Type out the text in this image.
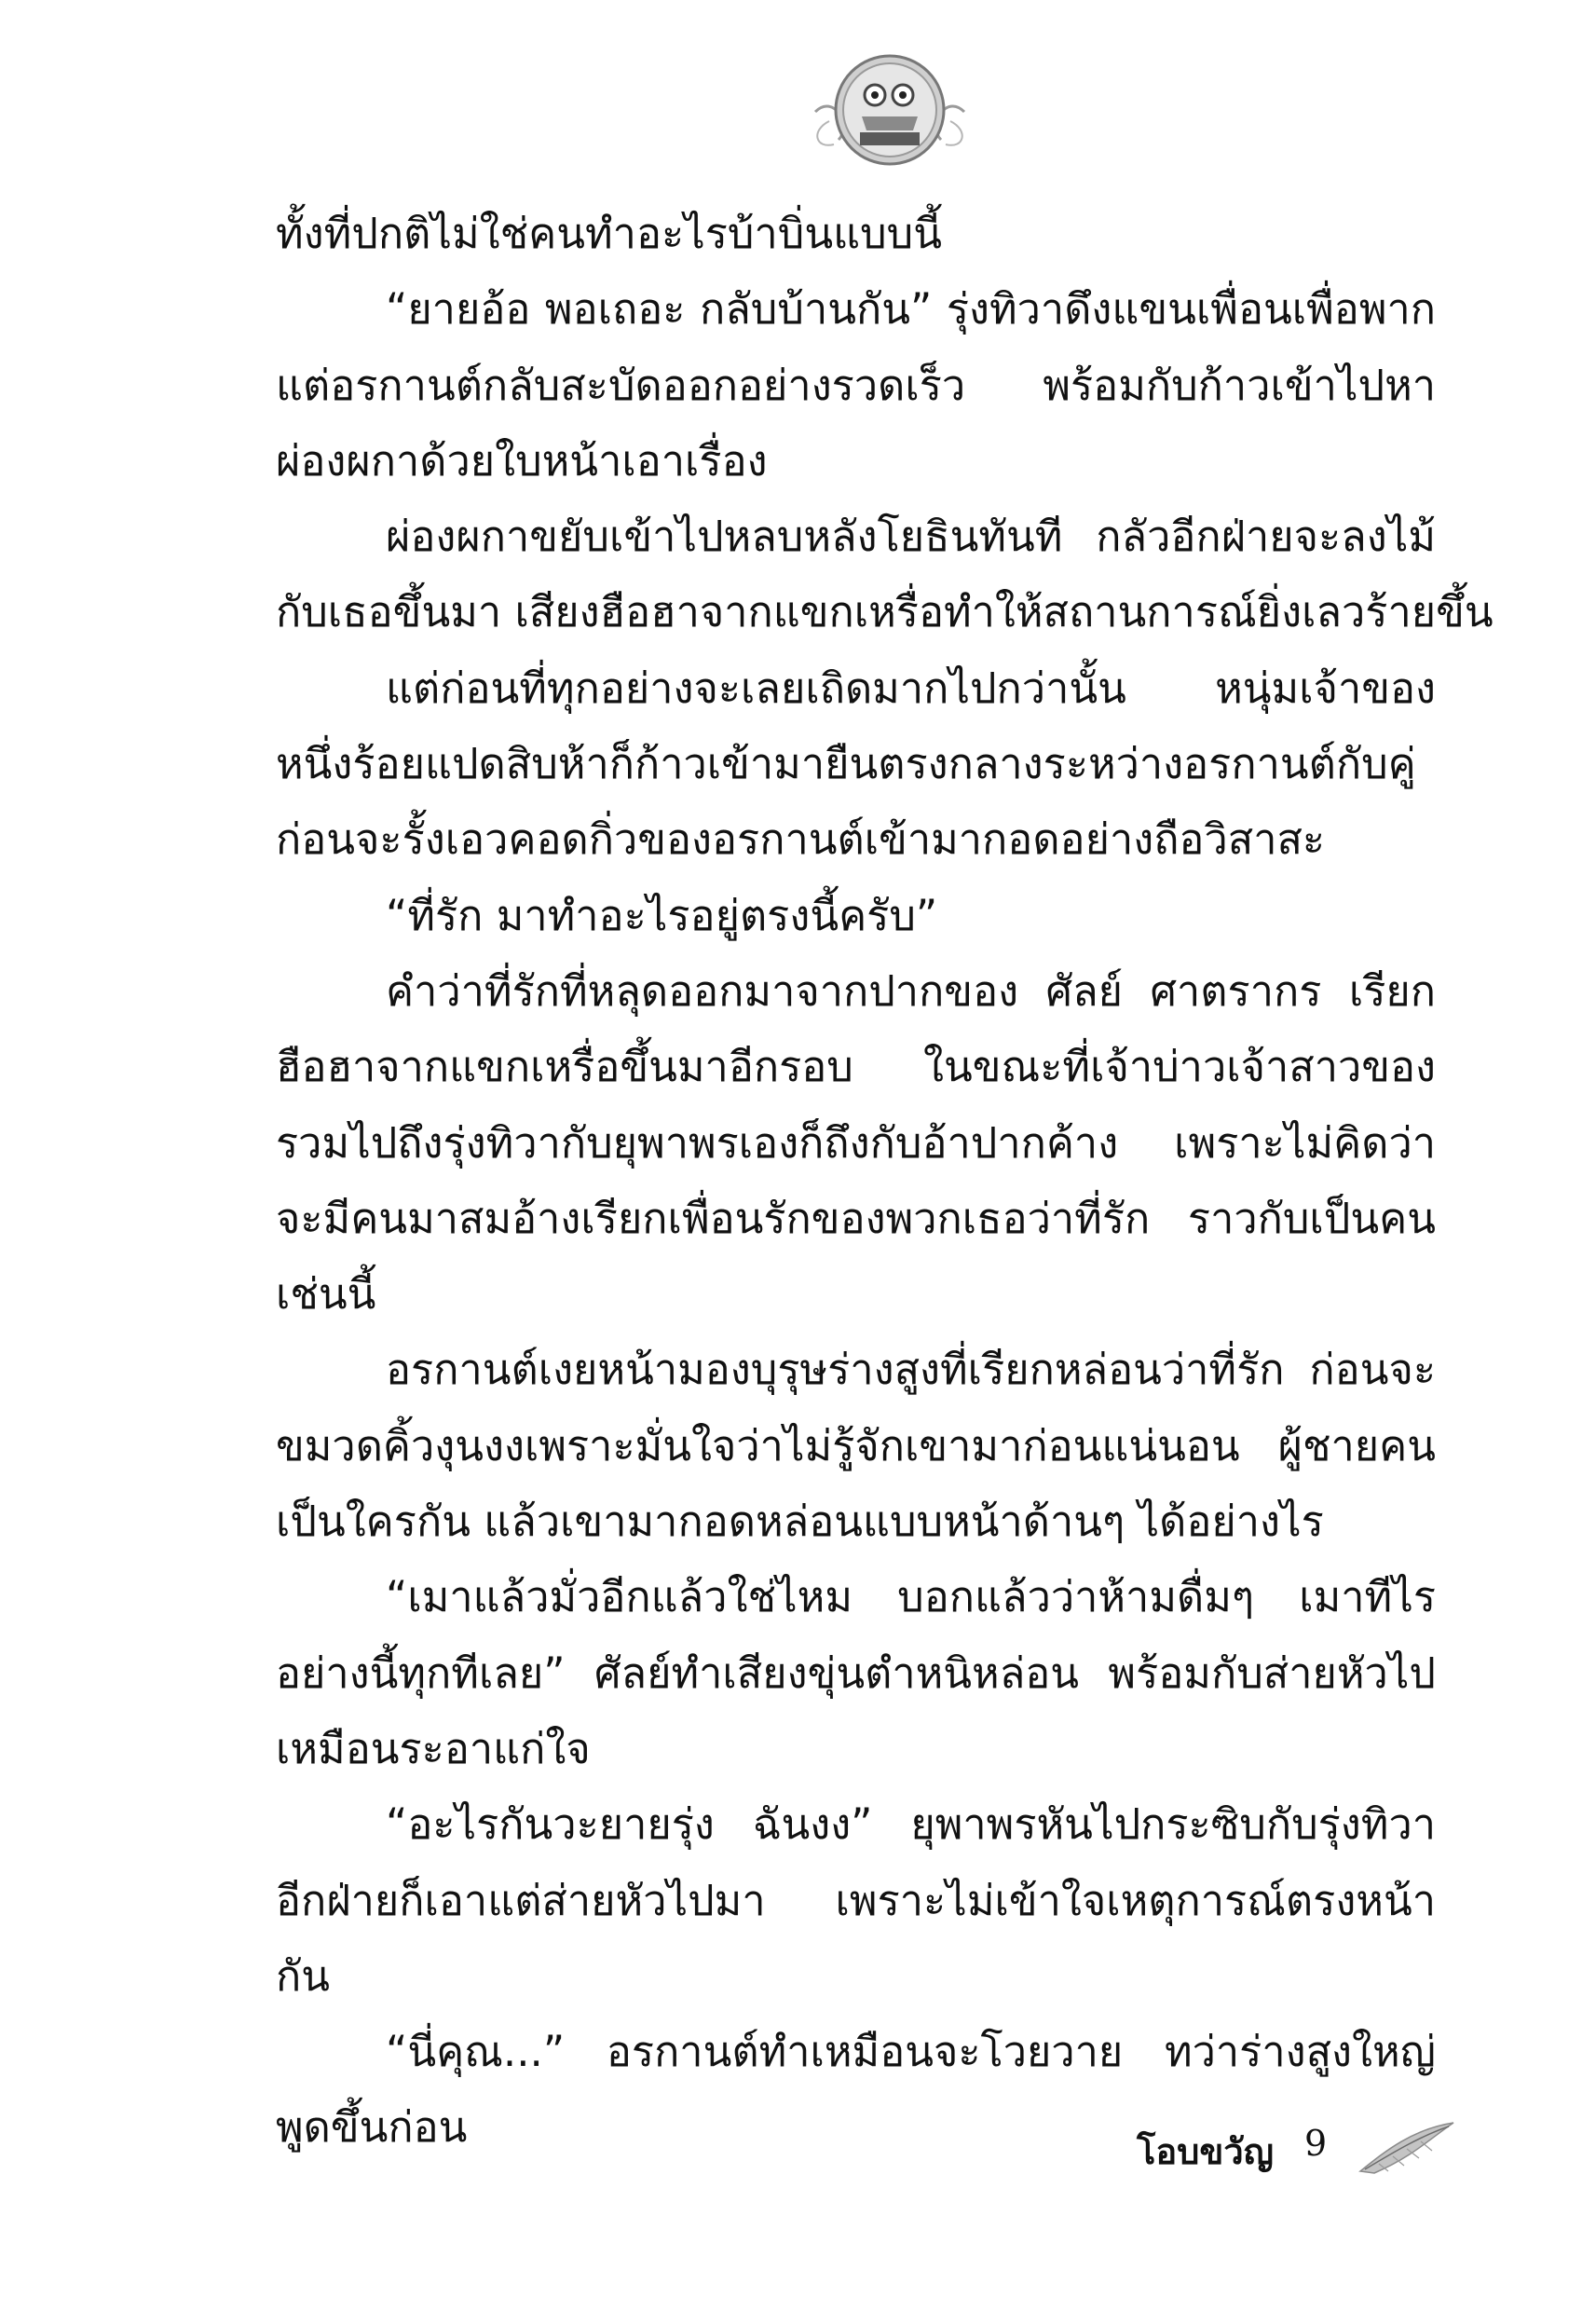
ทั้งที่ปกติไม่ใช่คนทำอะไรบ้าบิ่นแบบนี้
“ยายอ้อ พอเถอะ กลับบ้านกัน” รุ่งทิวาดึงแขนเพื่อนเพื่อพาก
แต่อรกานต์กลับสะบัดออกอย่างรวดเร็ว พร้อมกับก้าวเข้าไปหา
ผ่องผกาด้วยใบหน้าเอาเรื่อง
ผ่องผกาขยับเข้าไปหลบหลังโยธินทันที กลัวอีกฝ่ายจะลงไม้
กับเธอขึ้นมา เสียงฮือฮาจากแขกเหรื่อทำให้สถานการณ์ยิ่งเลวร้ายขึ้น
แต่ก่อนที่ทุกอย่างจะเลยเถิดมากไปกว่านั้น หนุ่มเจ้าของ
หนึ่งร้อยแปดสิบห้าก็ก้าวเข้ามายืนตรงกลางระหว่างอรกานต์กับคู่
ก่อนจะรั้งเอวคอดกิ่วของอรกานต์เข้ามากอดอย่างถือวิสาสะ
“ที่รัก มาทำอะไรอยู่ตรงนี้ครับ”
คำว่าที่รักที่หลุดออกมาจากปากของ ศัลย์ ศาตรากร เรียก
ฮือฮาจากแขกเหรื่อขึ้นมาอีกรอบ ในขณะที่เจ้าบ่าวเจ้าสาวของ
รวมไปถึงรุ่งทิวากับยุพาพรเองก็ถึงกับอ้าปากค้าง เพราะไม่คิดว่า
จะมีคนมาสมอ้างเรียกเพื่อนรักของพวกเธอว่าที่รัก ราวกับเป็นคน
เช่นนี้
อรกานต์เงยหน้ามองบุรุษร่างสูงที่เรียกหล่อนว่าที่รัก ก่อนจะ
ขมวดคิ้วงุนงงเพราะมั่นใจว่าไม่รู้จักเขามาก่อนแน่นอน ผู้ชายคน
เป็นใครกัน แล้วเขามากอดหล่อนแบบหน้าด้านๆ ได้อย่างไร
“เมาแล้วมั่วอีกแล้วใช่ไหม บอกแล้วว่าห้ามดื่มๆ เมาทีไร
อย่างนี้ทุกทีเลย” ศัลย์ทำเสียงขุ่นตำหนิหล่อน พร้อมกับส่ายหัวไป
เหมือนระอาแก่ใจ
“อะไรกันวะยายรุ่ง ฉันงง” ยุพาพรหันไปกระซิบกับรุ่งทิวา
อีกฝ่ายก็เอาแต่ส่ายหัวไปมา เพราะไม่เข้าใจเหตุการณ์ตรงหน้า
กัน
“นี่คุณ...” อรกานต์ทำเหมือนจะโวยวาย ทว่าร่างสูงใหญ่
พูดขึ้นก่อน	โอบขวัญ 9
